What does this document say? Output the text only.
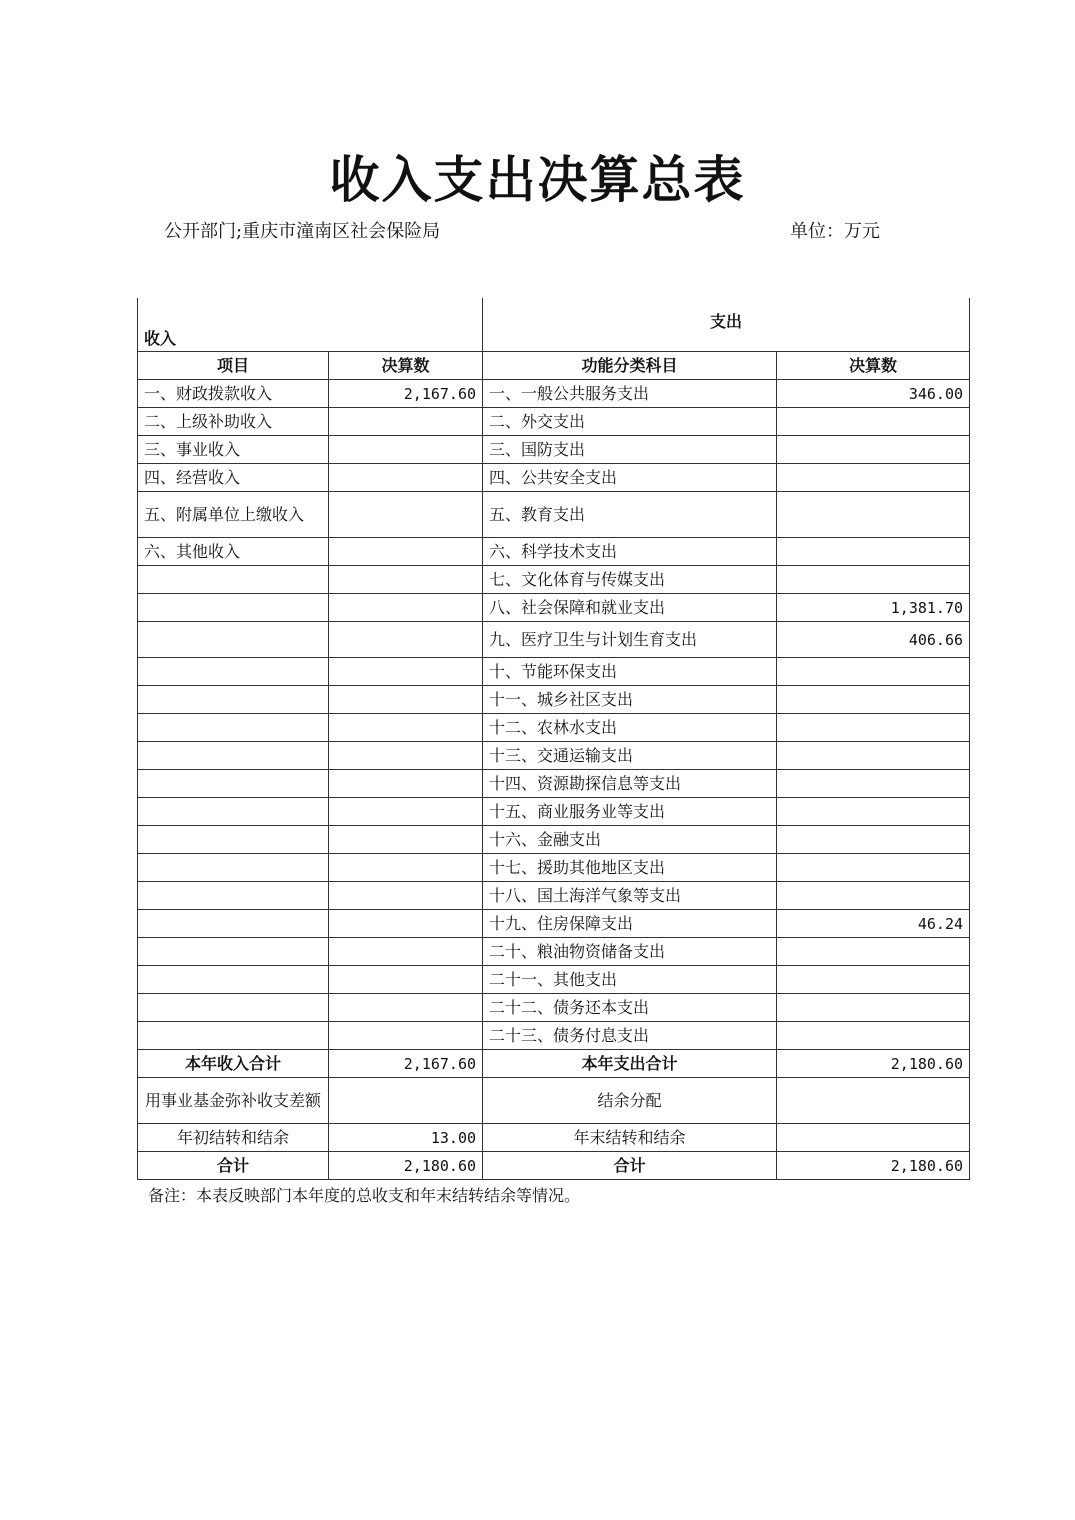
收入支出决算总表
公开部门;重庆市潼南区社会保险局	单位：万元
收入		支出	
项目	决算数	功能分类科目	决算数
一、财政拨款收入	2,167.60	一、一般公共服务支出	346.00
二、上级补助收入		二、外交支出	
三、事业收入		三、国防支出	
四、经营收入		四、公共安全支出	
五、附属单位上缴收入		五、教育支出	
六、其他收入		六、科学技术支出	
		七、文化体育与传媒支出	
		八、社会保障和就业支出	1,381.70
		九、医疗卫生与计划生育支出	406.66
		十、节能环保支出	
		十一、城乡社区支出	
		十二、农林水支出	
		十三、交通运输支出	
		十四、资源勘探信息等支出	
		十五、商业服务业等支出	
		十六、金融支出	
		十七、援助其他地区支出	
		十八、国土海洋气象等支出	
		十九、住房保障支出	46.24
		二十、粮油物资储备支出	
		二十一、其他支出	
		二十二、债务还本支出	
		二十三、债务付息支出	
本年收入合计	2,167.60	本年支出合计	2,180.60
用事业基金弥补收支差额		结余分配	
年初结转和结余	13.00	年末结转和结余	
合计	2,180.60	合计	2,180.60
备注：本表反映部门本年度的总收支和年末结转结余等情况。
